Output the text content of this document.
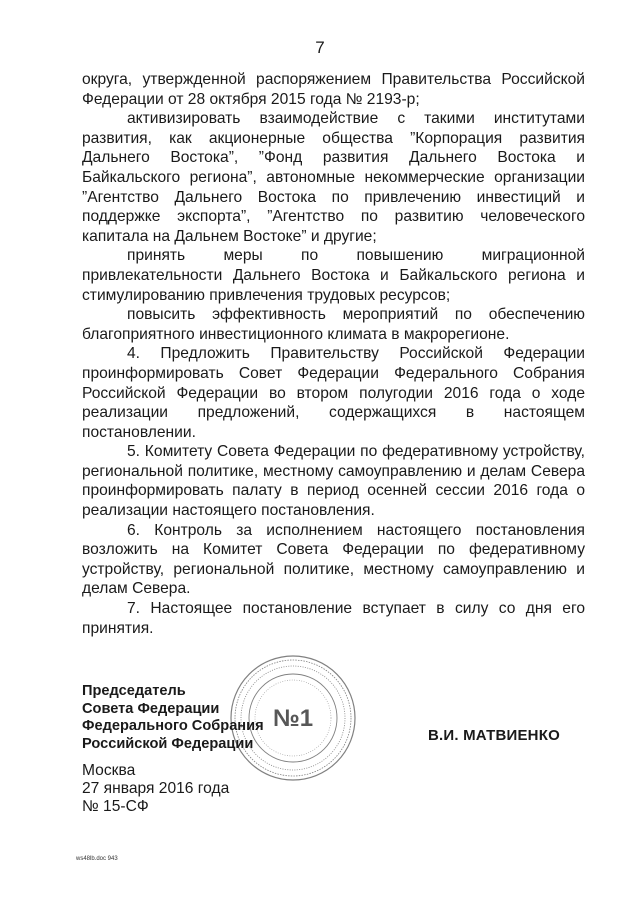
7

округа, утвержденной распоряжением Правительства Российской Федерации от 28 октября 2015 года № 2193-р;

активизировать взаимодействие с такими институтами развития, как акционерные общества ”Корпорация развития Дальнего Востока”, ”Фонд развития Дальнего Востока и Байкальского региона”, автономные некоммерческие организации ”Агентство Дальнего Востока по привлечению инвестиций и поддержке экспорта”, ”Агентство по развитию человеческого капитала на Дальнем Востоке” и другие;

принять меры по повышению миграционной привлекательности Дальнего Востока и Байкальского региона и стимулированию привлечения трудовых ресурсов;

повысить эффективность мероприятий по обеспечению благоприятного инвестиционного климата в макрорегионе.

4. Предложить Правительству Российской Федерации проинформировать Совет Федерации Федерального Собрания Российской Федерации во втором полугодии 2016 года о ходе реализации предложений, содержащихся в настоящем постановлении.

5. Комитету Совета Федерации по федеративному устройству, региональной политике, местному самоуправлению и делам Севера проинформировать палату в период осенней сессии 2016 года о реализации настоящего постановления.

6. Контроль за исполнением настоящего постановления возложить на Комитет Совета Федерации по федеративному устройству, региональной политике, местному самоуправлению и делам Севера.

7. Настоящее постановление вступает в силу со дня его принятия.

№1
Председатель
Совета Федерации
Федерального Собрания
Российской Федерации	В.И. МАТВИЕНКО
Москва
27 января 2016 года
№ 15-СФ
ws48lb.doc 943
